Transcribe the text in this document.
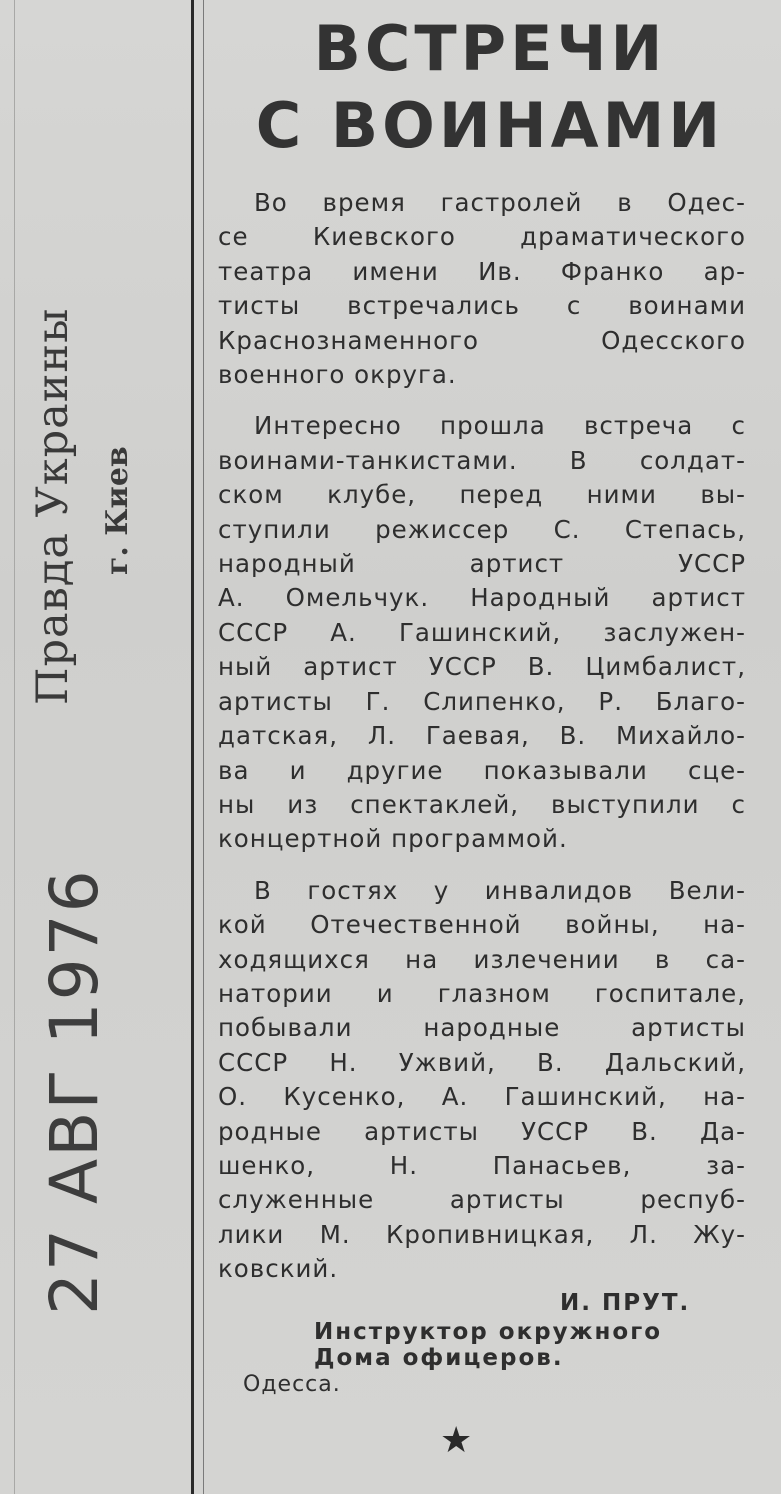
Правда Украины г. Киев
27 АВГ 1976
ВСТРЕЧИ
С ВОИНАМИ
Во время гастролей в Одес-
се Киевского драматического
театра имени Ив. Франко ар-
тисты встречались с воинами
Краснознаменного Одесского
военного округа.
Интересно прошла встреча с
воинами-танкистами. В солдат-
ском клубе, перед ними вы-
ступили режиссер С. Степась,
народный артист УССР
А. Омельчук. Народный артист
СССР А. Гашинский, заслужен-
ный артист УССР В. Цимбалист,
артисты Г. Слипенко, Р. Благо-
датская, Л. Гаевая, В. Михайло-
ва и другие показывали сце-
ны из спектаклей, выступили с
концертной программой.
В гостях у инвалидов Вели-
кой Отечественной войны, на-
ходящихся на излечении в са-
натории и глазном госпитале,
побывали народные артисты
СССР Н. Ужвий, В. Дальский,
О. Кусенко, А. Гашинский, на-
родные артисты УССР В. Да-
шенко, Н. Панасьев, за-
служенные артисты респуб-
лики М. Кропивницкая, Л. Жу-
ковский.
И. ПРУТ.
Инструктор окружного
Дома офицеров.
Одесса.
★
